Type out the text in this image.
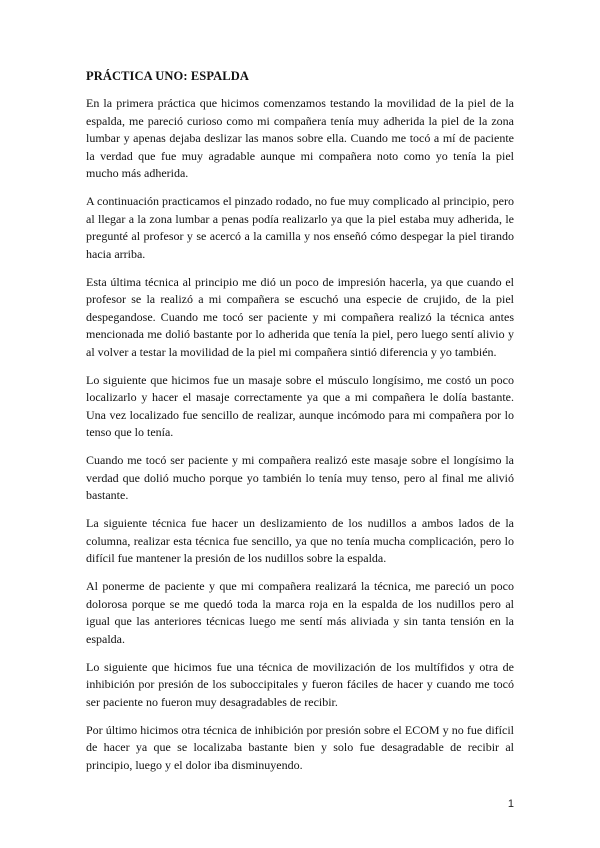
PRÁCTICA UNO: ESPALDA

En la primera práctica que hicimos comenzamos testando la movilidad de la piel de la espalda, me pareció curioso como mi compañera tenía muy adherida la piel de la zona lumbar y apenas dejaba deslizar las manos sobre ella. Cuando me tocó a mí de paciente la verdad que fue muy agradable aunque mi compañera noto como yo tenía la piel mucho más adherida.

A continuación practicamos el pinzado rodado, no fue muy complicado al principio, pero al llegar a la zona lumbar a penas podía realizarlo ya que la piel estaba muy adherida, le pregunté al profesor y se acercó a la camilla y nos enseñó cómo despegar la piel tirando hacia arriba.

Esta última técnica al principio me dió un poco de impresión hacerla, ya que cuando el profesor se la realizó a mi compañera se escuchó una especie de crujido, de la piel despegandose. Cuando me tocó ser paciente y mi compañera realizó la técnica antes mencionada me dolió bastante por lo adherida que tenía la piel, pero luego sentí alivio y al volver a testar la movilidad de la piel mi compañera sintió diferencia y yo también.

Lo siguiente que hicimos fue un masaje sobre el músculo longísimo, me costó un poco localizarlo y hacer el masaje correctamente ya que a mi compañera le dolía bastante. Una vez localizado fue sencillo de realizar, aunque incómodo para mi compañera por lo tenso que lo tenía.

Cuando me tocó ser paciente y mi compañera realizó este masaje sobre el longísimo la verdad que dolió mucho porque yo también lo tenía muy tenso, pero al final me alivió bastante.

La siguiente técnica fue hacer un deslizamiento de los nudillos a ambos lados de la columna, realizar esta técnica fue sencillo, ya que no tenía mucha complicación, pero lo difícil fue mantener la presión de los nudillos sobre la espalda.

Al ponerme de paciente y que mi compañera realizará la técnica, me pareció un poco dolorosa porque se me quedó toda la marca roja en la espalda de los nudillos pero al igual que las anteriores técnicas luego me sentí más aliviada y sin tanta tensión en la espalda.

Lo siguiente que hicimos fue una técnica de movilización de los multífidos y otra de inhibición por presión de los suboccipitales y fueron fáciles de hacer y cuando me tocó ser paciente no fueron muy desagradables de recibir.

Por último hicimos otra técnica de inhibición por presión sobre el ECOM y no fue difícil de hacer ya que se localizaba bastante bien y solo fue desagradable de recibir al principio, luego y el dolor iba disminuyendo.

1
